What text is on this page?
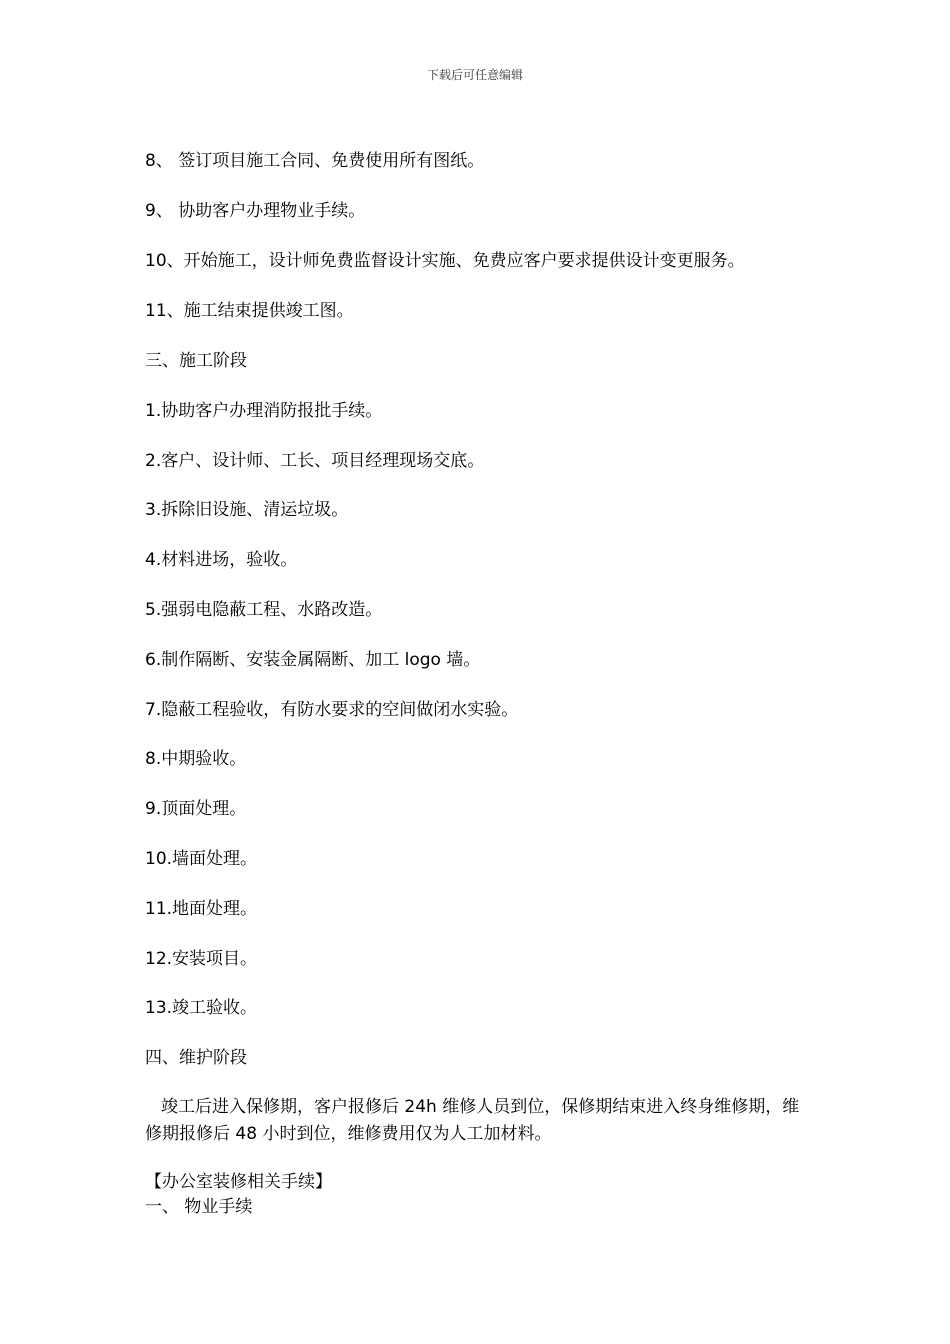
下载后可任意编辑
8、 签订项目施工合同、免费使用所有图纸。
9、 协助客户办理物业手续。
10、开始施工，设计师免费监督设计实施、免费应客户要求提供设计变更服务。
11、施工结束提供竣工图。
三、施工阶段
1.协助客户办理消防报批手续。
2.客户、设计师、工长、项目经理现场交底。
3.拆除旧设施、清运垃圾。
4.材料进场，验收。
5.强弱电隐蔽工程、水路改造。
6.制作隔断、安装金属隔断、加工 logo 墙。
7.隐蔽工程验收，有防水要求的空间做闭水实验。
8.中期验收。
9.顶面处理。
10.墙面处理。
11.地面处理。
12.安装项目。
13.竣工验收。
四、维护阶段
竣工后进入保修期，客户报修后 24h 维修人员到位，保修期结束进入终身维修期，维修期报修后 48 小时到位，维修费用仅为人工加材料。
【办公室装修相关手续】
一、 物业手续
